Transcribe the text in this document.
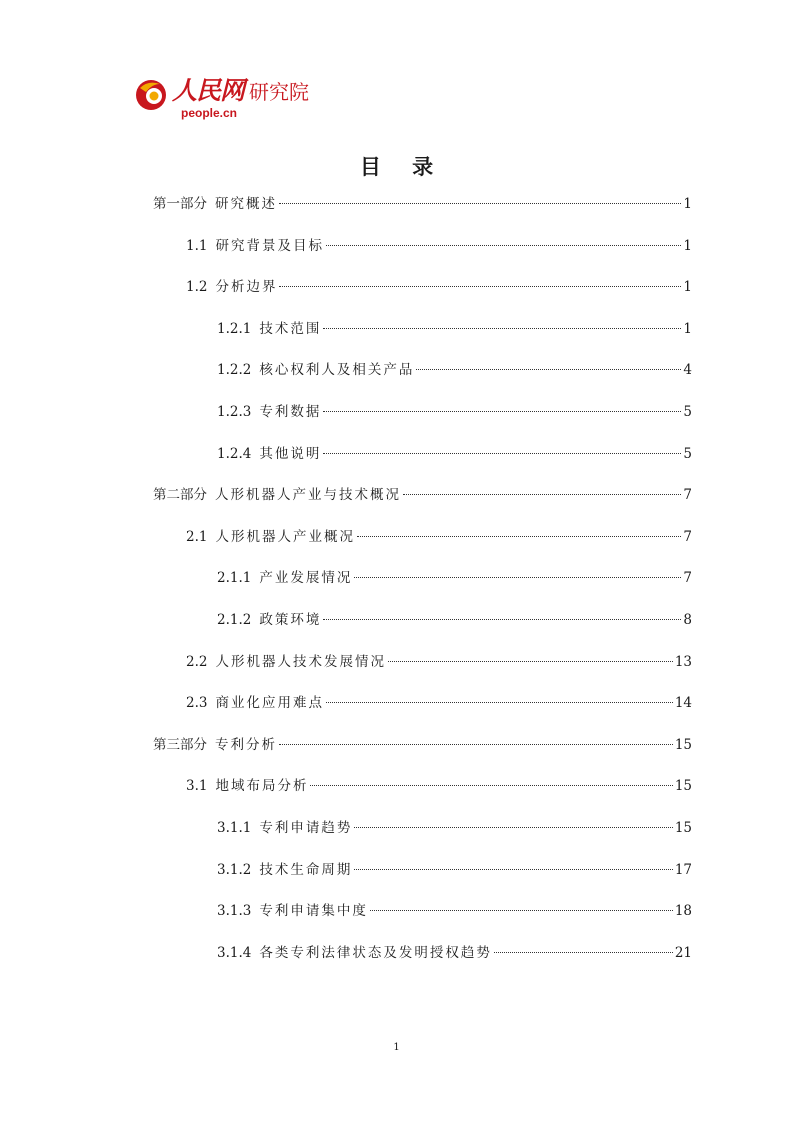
人民网 研究院
people.cn
目 录
第一部分 研究概述	1
1.1 研究背景及目标	1
1.2 分析边界	1
1.2.1 技术范围	1
1.2.2 核心权利人及相关产品	4
1.2.3 专利数据	5
1.2.4 其他说明	5
第二部分 人形机器人产业与技术概况	7
2.1 人形机器人产业概况	7
2.1.1 产业发展情况	7
2.1.2 政策环境	8
2.2 人形机器人技术发展情况	13
2.3 商业化应用难点	14
第三部分 专利分析	15
3.1 地域布局分析	15
3.1.1 专利申请趋势	15
3.1.2 技术生命周期	17
3.1.3 专利申请集中度	18
3.1.4 各类专利法律状态及发明授权趋势	21
1
